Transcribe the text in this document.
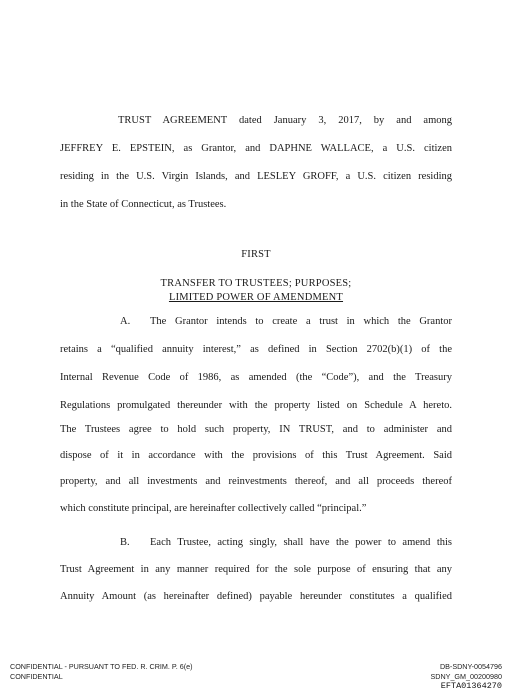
TRUST AGREEMENT dated January 3, 2017, by and among
JEFFREY E. EPSTEIN, as Grantor, and DAPHNE WALLACE, a U.S. citizen
residing in the U.S. Virgin Islands, and LESLEY GROFF, a U.S. citizen residing
in the State of Connecticut, as Trustees.
FIRST
TRANSFER TO TRUSTEES; PURPOSES;
LIMITED POWER OF AMENDMENT
A.	The Grantor intends to create a trust in which the Grantor
retains a “qualified annuity interest,” as defined in Section 2702(b)(1) of the
Internal Revenue Code of 1986, as amended (the “Code”), and the Treasury
Regulations promulgated thereunder with the property listed on Schedule A hereto.
The Trustees agree to hold such property, IN TRUST, and to administer and
dispose of it in accordance with the provisions of this Trust Agreement. Said
property, and all investments and reinvestments thereof, and all proceeds thereof
which constitute principal, are hereinafter collectively called “principal.”
B.	Each Trustee, acting singly, shall have the power to amend this
Trust Agreement in any manner required for the sole purpose of ensuring that any
Annuity Amount (as hereinafter defined) payable hereunder constitutes a qualified
CONFIDENTIAL - PURSUANT TO FED. R. CRIM. P. 6(e)
CONFIDENTIAL
DB-SDNY-0054796
SDNY_GM_00200980
EFTA01364270
